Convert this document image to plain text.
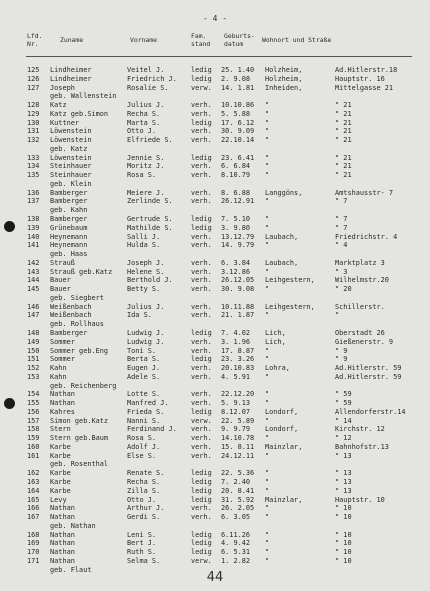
- 4 -
Lfd.
Nr.	Zuname	Vorname	Fam.
stand
Geburts-
datum	Wohnort und Straße
125 Lindheimer	Veitel J.	ledig 25. 1.40 Holzheim,	Ad.Hitlerstr.18
126 Lindheimer	Friedrich J. ledig 2. 9.08 Holzheim,	Hauptstr. 16
127 Joseph	Rosalie S.	verw. 14. 1.81 Inheiden,	Mittelgasse 21
geb. Wallenstein
128 Katz	Julius J.	verh. 10.10.86 "	" 21
129 Katz geb.Simon	Recha S.	verh. 5. 5.88 "	" 21
130 Kuttner	Marta S.	ledig 17. 6.12 "	" 21
131 Löwenstein	Otto J.	verh. 30. 9.09 "	" 21
132 Löwenstein	Elfriede S.	verh. 22.10.14 "	" 21
geb. Katz
133 Löwenstein	Jennie S.	ledig 23. 6.41 "	" 21
134 Steinhauer	Moritz J.	verh. 6. 6.84 "	" 21
135 Steinhauer	Rosa S.	verh. 8.10.79 "	" 21
geb. Klein
136 Bamberger	Meiere J.	verh. 8. 6.88 Langgöns,	Amtshausstr- 7
137 Bamberger	Zerlinde S.	verh. 26.12.91 "	" 7
geb. Kahn
138 Bamberger	Gertrude S.	ledig 7. 5.10 "	" 7
139 Grünebaum	Mathilde S.	ledig 3. 9.80 "	" 7
140 Heynemann	Salli J.	verh. 13.12.79 Laubach,	Friedrichstr. 4
141 Heynemann	Hulda S.	verh. 14. 9.79 "	" 4
geb. Haas
142 Strauß	Joseph J.	verh. 6. 3.84 Laubach,	Marktplatz 3
143 Strauß geb.Katz Helene S.	verh. 3.12.86 "	" 3
144 Bauer	Berthold J.	verh. 26.12.05 Leihgestern,	Wilhelmstr.20
145 Bauer	Betty S.	verh. 30. 9.08 "	" 20
geb. Siegbert
146 Weißenbach	Julius J.	verh. 10.11.88 Leihgestern,	Schillerstr.
147 Weißenbach	Ida S.	verh. 21. 1.87 "	"
geb. Rollhaus
148 Bamberger	Ludwig J.	ledig 7. 4.02 Lich,	Oberstadt 26
149 Sommer	Ludwig J.	verh. 3. 1.96 Lich,	Gießenerstr. 9
150 Sommer geb.Eng	Toni S.	verh. 17. 8.87 "	" 9
151 Sommer	Berta S.	ledig 23. 3.26 "	" 9
152 Kahn	Eugen J.	verh. 20.10.83 Lohra,	Ad.Hitlerstr. 59
153 Kahn	Adele S.	verh. 4. 5.91 "	Ad.Hitlerstr. 59
geb. Reichenberg
154 Nathan	Lotte S.	verh. 22.12.20 "	" 59
155 Nathan	Manfred J.	verh. 5. 9.13 "	" 59
156 Kahres	Frieda S.	ledig 8.12.07 Londorf,	Allendorferstr.14
157 Simon geb.Katz	Nanni S.	verw. 22. 5.89 "	" 14
158 Stern	Ferdinand J. verh. 9. 9.79 Londorf,	Kirchstr. 12
159 Stern geb.Baum	Rosa S.	verh. 14.10.78 "	" 12
160 Karbe	Adolf J.	verh. 15. 8.11 Mainzlar,	Bahnhofstr.13
161 Karbe	Else S.	verh. 24.12.11 "	" 13
geb. Rosenthal
162 Karbe	Renate S.	ledig 22. 5.36 "	" 13
163 Karbe	Recha S.	ledig 7. 2.40 "	" 13
164 Karbe	Zilla S.	ledig 20. 8.41 "	" 13
165 Levy	Otto J.	ledig 31. 5.92 Mainzlar,	Hauptstr. 10
166 Nathan	Arthur J.	verh. 26. 2.05 "	" 10
167 Nathan	Gerdi S.	verh. 6. 3.05 "	" 10
geb. Nathan
168 Nathan	Leni S.	ledig 6.11.26 "	" 10
169 Nathan	Bert J.	ledig 4. 9.42 "	" 10
170 Nathan	Ruth S.	ledig 6. 5.31 "	" 10
171 Nathan	Selma S.	verw. 1. 2.82 "	" 10
geb. Flaut
44
